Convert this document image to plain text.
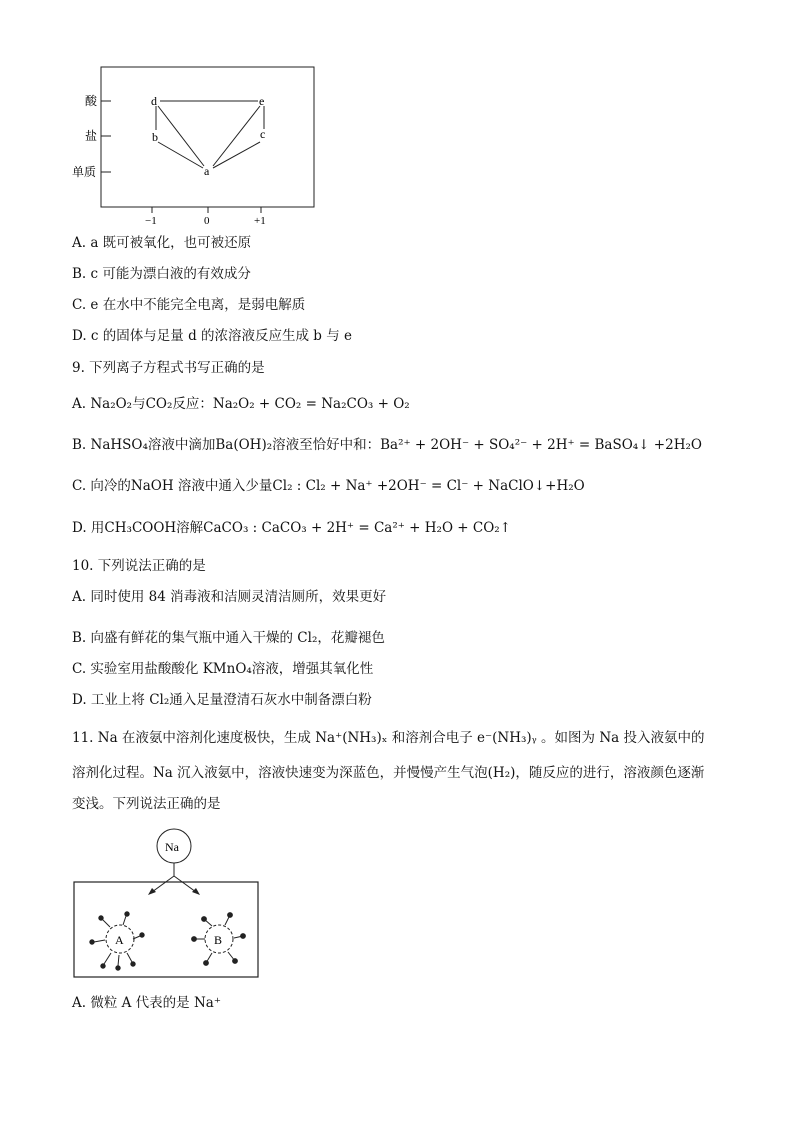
酸
盐
单质
−1	0	+1
d	e
b	c
a
A. a 既可被氧化，也可被还原
B. c 可能为漂白液的有效成分
C. e 在水中不能完全电离，是弱电解质
D. c 的固体与足量 d 的浓溶液反应生成 b 与 e
9. 下列离子方程式书写正确的是
A. Na₂O₂与CO₂反应：Na₂O₂ + CO₂ = Na₂CO₃ + O₂
B. NaHSO₄溶液中滴加Ba(OH)₂溶液至恰好中和：Ba²⁺ + 2OH⁻ + SO₄²⁻ + 2H⁺ = BaSO₄↓ +2H₂O
C. 向冷的NaOH 溶液中通入少量Cl₂ : Cl₂ + Na⁺ +2OH⁻ = Cl⁻ + NaClO↓+H₂O
D. 用CH₃COOH溶解CaCO₃ : CaCO₃ + 2H⁺ = Ca²⁺ + H₂O + CO₂↑
10. 下列说法正确的是
A. 同时使用 84 消毒液和洁厕灵清洁厕所，效果更好
B. 向盛有鲜花的集气瓶中通入干燥的 Cl₂，花瓣褪色
C. 实验室用盐酸酸化 KMnO₄溶液，增强其氧化性
D. 工业上将 Cl₂通入足量澄清石灰水中制备漂白粉
11. Na 在液氨中溶剂化速度极快，生成 Na⁺(NH₃)ₓ 和溶剂合电子 e⁻(NH₃)ᵧ 。如图为 Na 投入液氨中的
溶剂化过程。Na 沉入液氨中，溶液快速变为深蓝色，并慢慢产生气泡(H₂)，随反应的进行，溶液颜色逐渐
变浅。下列说法正确的是
Na
A	B
A. 微粒 A 代表的是 Na⁺
